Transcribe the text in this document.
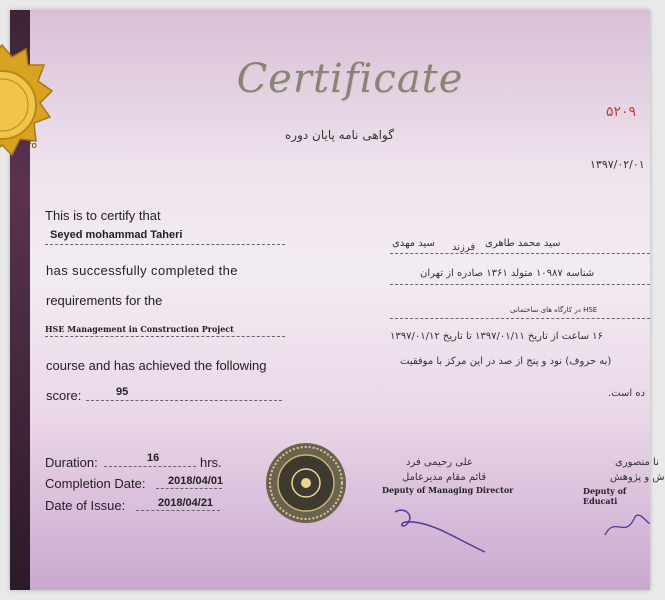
info
Certificate
گواهی نامه پایان دوره
۵۲۰۹
۱۳۹۷/۰۲/۰۱
This is to certify that
Seyed mohammad Taheri
has successfully completed the
requirements for the
HSE Management in Construction Project
course and has achieved the following
score:	95
Duration:	16	hrs.
Completion Date: 2018/04/01
Date of Issue:	2018/04/21
سید محمد طاهری
فرزند
سید مهدی
شناسه ۱۰۹۸۷ متولد ۱۳۶۱ صادره از تهران
HSE در کارگاه های ساختمانی
۱۶ ساعت از تاریخ ۱۳۹۷/۰۱/۱۱ تا تاریخ ۱۳۹۷/۰۱/۱۲
(به حروف) نود و پنج از صد در این مرکز با موفقیت
ده است.
علی رحیمی فرد
قائم مقام مدیرعامل
Deputy of Managing Director
نا منصوری
ش و پژوهش
Deputy of Educati
